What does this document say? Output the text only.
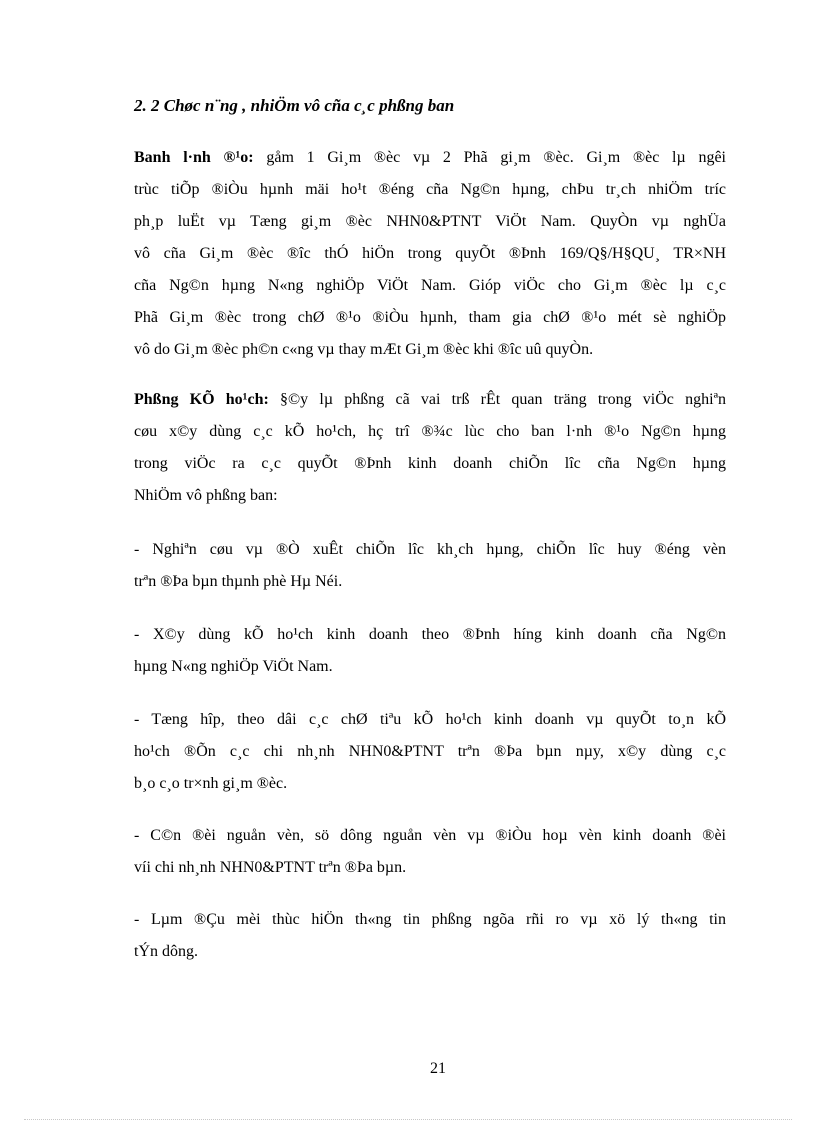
2. 2 Chøc n¨ng , nhiÖm vô cña c¸c phßng ban

Banh l·nh ®¹o: gåm 1 Gi¸m ®èc vµ 2 Phã gi¸m ®èc. Gi¸m ®èc lµ ngêi
trùc tiÕp ®iÒu hµnh mäi ho¹t ®éng cña Ng©n hµng, chÞu tr¸ch nhiÖm tríc
ph¸p luËt vµ Tæng gi¸m ®èc NHN0&PTNT ViÖt Nam. QuyÒn vµ nghÜa
vô cña Gi¸m ®èc ®îc thÓ hiÖn trong quyÕt ®Þnh 169/Q§/H§QU¸ TR×NH
cña Ng©n hµng N«ng nghiÖp ViÖt Nam. Gióp viÖc cho Gi¸m ®èc lµ c¸c
Phã Gi¸m ®èc trong chØ ®¹o ®iÒu hµnh, tham gia chØ ®¹o mét sè nghiÖp
vô do Gi¸m ®èc ph©n c«ng vµ thay mÆt Gi¸m ®èc khi ®îc uû quyÒn.

Phßng KÕ ho¹ch: §©y lµ phßng cã vai trß rÊt quan träng trong viÖc nghiªn
cøu x©y dùng c¸c kÕ ho¹ch, hç trî ®¾c lùc cho ban l·nh ®¹o Ng©n hµng
trong viÖc ra c¸c quyÕt ®Þnh kinh doanh chiÕn lîc cña Ng©n hµng
NhiÖm vô phßng ban:

- Nghiªn cøu vµ ®Ò xuÊt chiÕn lîc kh¸ch hµng, chiÕn lîc huy ®éng vèn
trªn ®Þa bµn thµnh phè Hµ Néi.

- X©y dùng kÕ ho¹ch kinh doanh theo ®Þnh híng kinh doanh cña Ng©n
hµng N«ng nghiÖp ViÖt Nam.

- Tæng hîp, theo dâi c¸c chØ tiªu kÕ ho¹ch kinh doanh vµ quyÕt to¸n kÕ
ho¹ch ®Õn c¸c chi nh¸nh NHN0&PTNT trªn ®Þa bµn nµy, x©y dùng c¸c
b¸o c¸o tr×nh gi¸m ®èc.

- C©n ®èi nguån vèn, sö dông nguån vèn vµ ®iÒu hoµ vèn kinh doanh ®èi
víi chi nh¸nh NHN0&PTNT trªn ®Þa bµn.

- Lµm ®Çu mèi thùc hiÖn th«ng tin phßng ngõa rñi ro vµ xö lý th«ng tin
tÝn dông.

21
